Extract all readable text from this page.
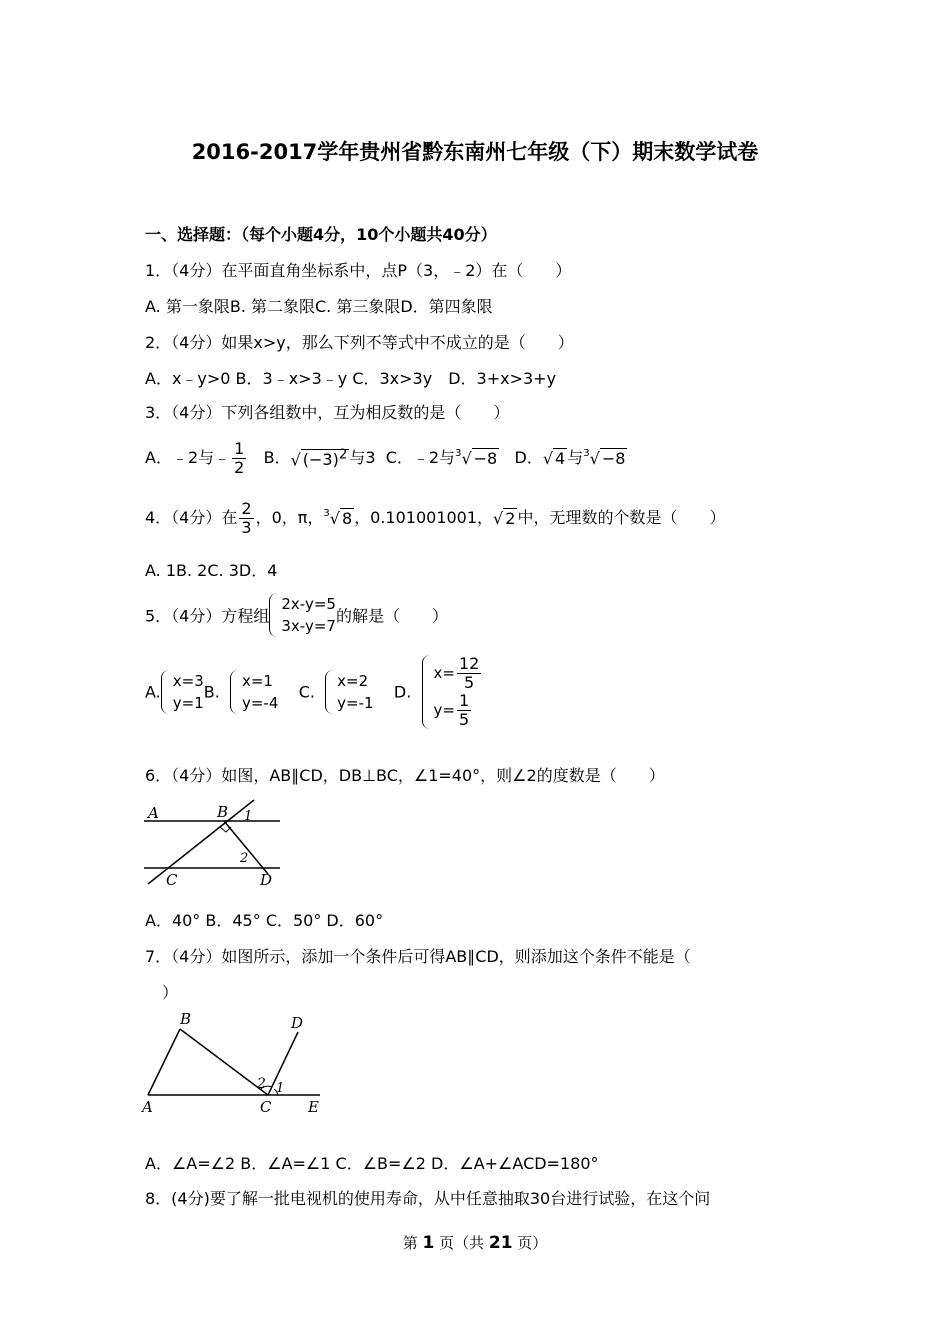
2016-2017学年贵州省黔东南州七年级（下）期末数学试卷
一、选择题：（每个小题4分，10个小题共40分）
1．（4分）在平面直角坐标系中，点P（3，﹣2）在（　　）
A. 第一象限B. 第二象限C. 第三象限D．第四象限
2．（4分）如果x>y，那么下列不等式中不成立的是（　　）
A．x﹣y>0 B．3﹣x>3﹣y C．3x>3y　D．3+x>3+y
3．（4分）下列各组数中，互为相反数的是（　　）
A．﹣2与﹣ $\frac{1}{2}$ B．√ $(-3)^2$ 与3 C．﹣2与$^3$√ −8 D．√ 4 与$^3$√ −8
4．（4分）在 $\frac{2}{3}$ ，0，π，$^3$√ 8 ，0.101001001，√ 2 中，无理数的个数是（　　）
A. 1B. 2C. 3D．4
5．（4分）方程组
2x-y=5
3x-y=7
的解是（　　）
A.
x=3
y=1
B.
x=1
y=-4
C.
x=2
y=-1
D.
$x= \frac{12}{5}$
$y= \frac{1}{5}$
6．（4分）如图，AB∥CD，DB⊥BC，∠1=40°，则∠2的度数是（　　）
A	B 1
2
C	D
A．40° B．45° C．50° D．60°
7．（4分）如图所示，添加一个条件后可得AB∥CD，则添加这个条件不能是（
）
B	D
2 1
A	C E
A．∠A=∠2 B．∠A=∠1 C．∠B=∠2 D．∠A+∠ACD=180°
8．(4分)要了解一批电视机的使用寿命，从中任意抽取30台进行试验，在这个问
第 1 页（共 21 页）
